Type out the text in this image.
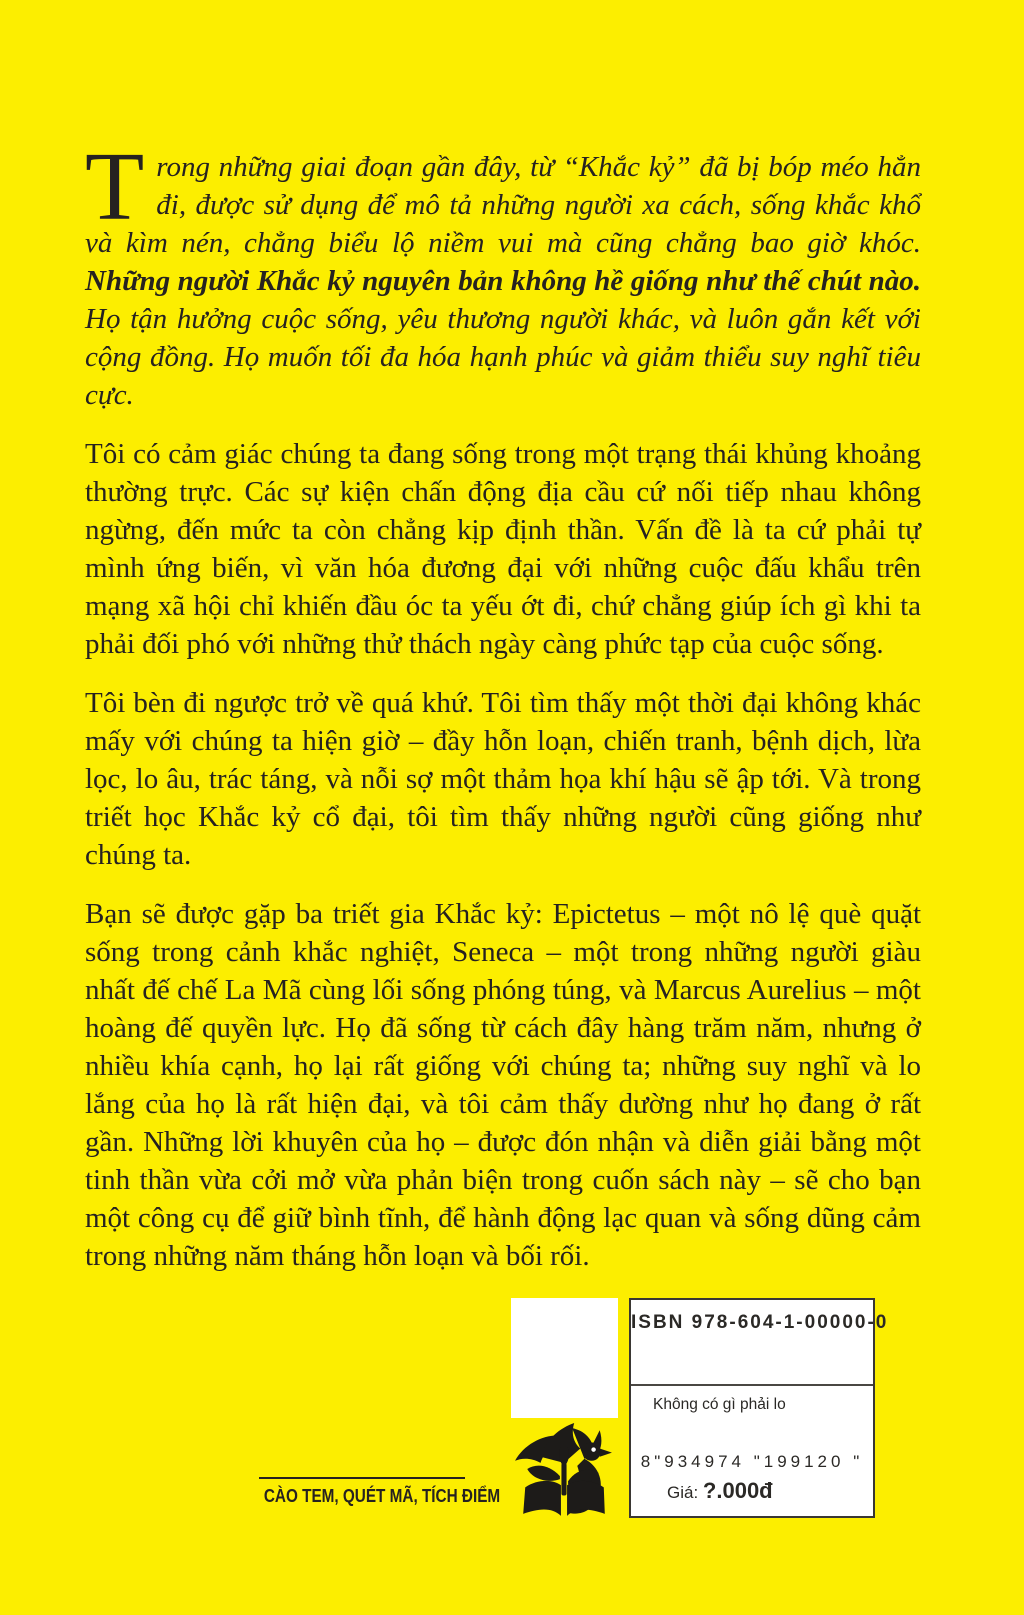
Trong những giai đoạn gần đây, từ “Khắc kỷ” đã bị bóp méo hẳn đi, được sử dụng để mô tả những người xa cách, sống khắc khổ và kìm nén, chẳng biểu lộ niềm vui mà cũng chẳng bao giờ khóc. Những người Khắc kỷ nguyên bản không hề giống như thế chút nào. Họ tận hưởng cuộc sống, yêu thương người khác, và luôn gắn kết với cộng đồng. Họ muốn tối đa hóa hạnh phúc và giảm thiểu suy nghĩ tiêu cực.

Tôi có cảm giác chúng ta đang sống trong một trạng thái khủng khoảng thường trực. Các sự kiện chấn động địa cầu cứ nối tiếp nhau không ngừng, đến mức ta còn chẳng kịp định thần. Vấn đề là ta cứ phải tự mình ứng biến, vì văn hóa đương đại với những cuộc đấu khẩu trên mạng xã hội chỉ khiến đầu óc ta yếu ớt đi, chứ chẳng giúp ích gì khi ta phải đối phó với những thử thách ngày càng phức tạp của cuộc sống.

Tôi bèn đi ngược trở về quá khứ. Tôi tìm thấy một thời đại không khác mấy với chúng ta hiện giờ – đầy hỗn loạn, chiến tranh, bệnh dịch, lừa lọc, lo âu, trác táng, và nỗi sợ một thảm họa khí hậu sẽ ập tới. Và trong triết học Khắc kỷ cổ đại, tôi tìm thấy những người cũng giống như chúng ta.

Bạn sẽ được gặp ba triết gia Khắc kỷ: Epictetus – một nô lệ què quặt sống trong cảnh khắc nghiệt, Seneca – một trong những người giàu nhất đế chế La Mã cùng lối sống phóng túng, và Marcus Aurelius – một hoàng đế quyền lực. Họ đã sống từ cách đây hàng trăm năm, nhưng ở nhiều khía cạnh, họ lại rất giống với chúng ta; những suy nghĩ và lo lắng của họ là rất hiện đại, và tôi cảm thấy dường như họ đang ở rất gần. Những lời khuyên của họ – được đón nhận và diễn giải bằng một tinh thần vừa cởi mở vừa phản biện trong cuốn sách này – sẽ cho bạn một công cụ để giữ bình tĩnh, để hành động lạc quan và sống dũng cảm trong những năm tháng hỗn loạn và bối rối.

ISBN 978-604-1-00000-0
Không có gì phải lo
8"934974 "199120 "
Giá: ?.000đ
CÀO TEM, QUÉT MÃ, TÍCH ĐIỂM
